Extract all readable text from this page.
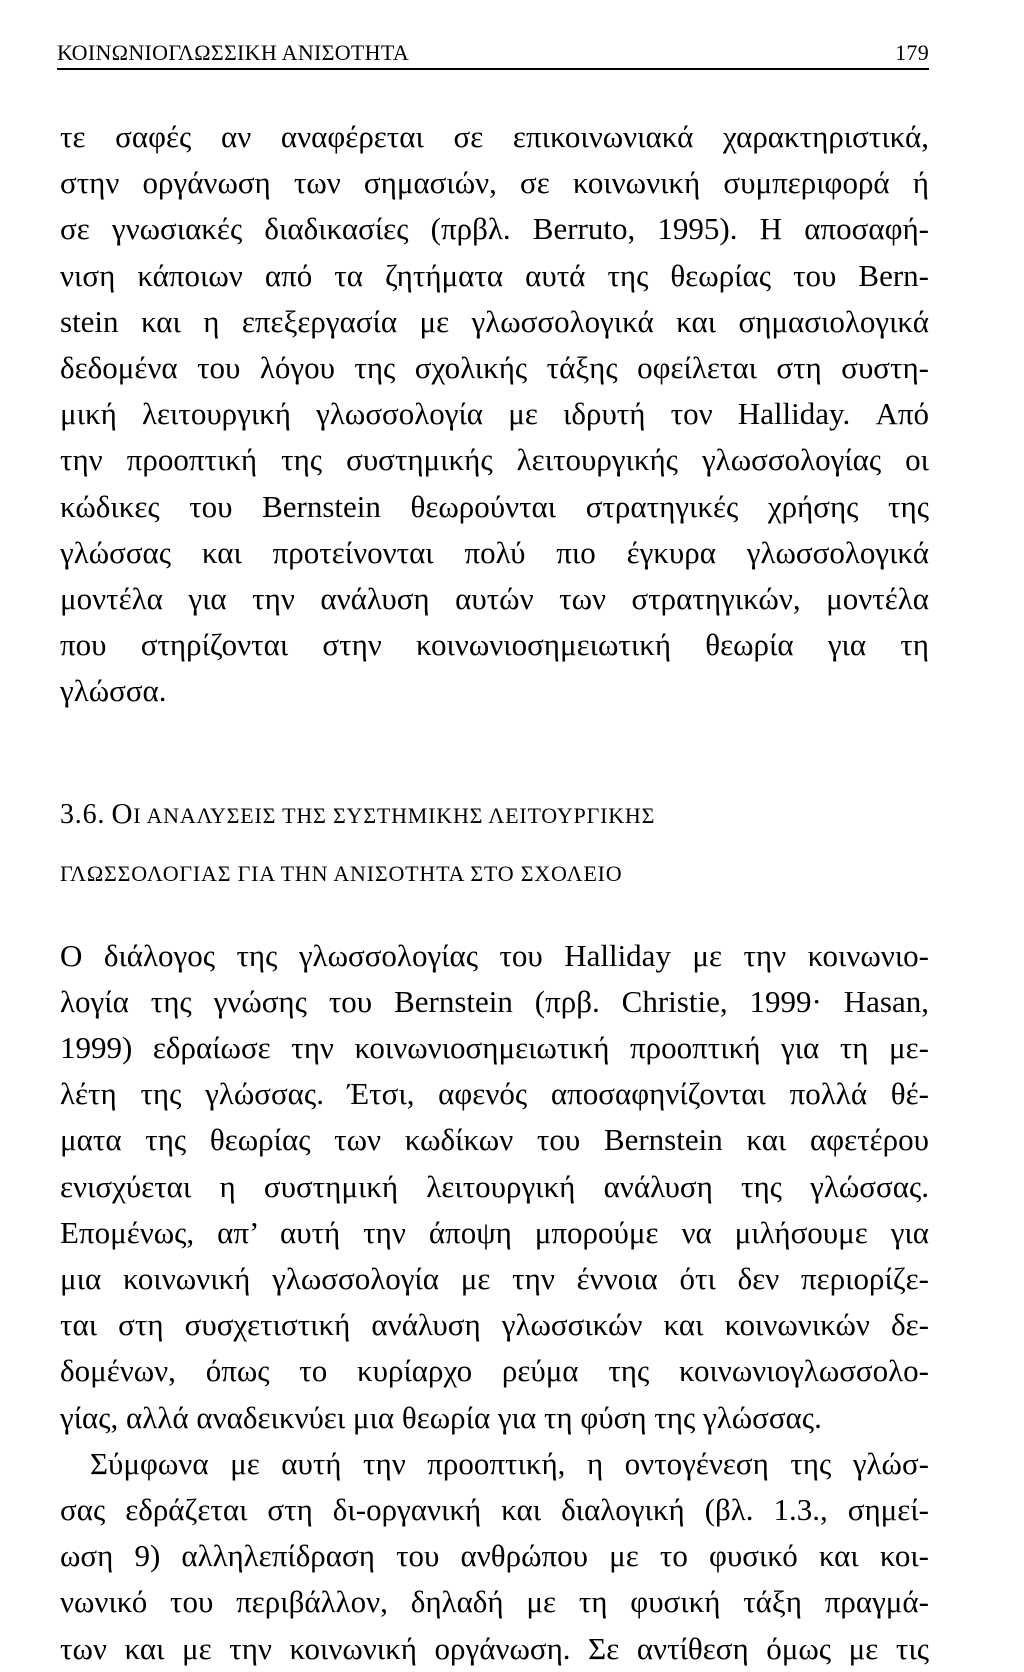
ΚΟΙΝΩΝΙΟΓΛΩΣΣΙΚΗ ΑΝΙΣΟΤΗΤΑ	179
τε σαφές αν αναφέρεται σε επικοινωνιακά χαρακτηριστικά,
στην οργάνωση των σημασιών, σε κοινωνική συμπεριφορά ή
σε γνωσιακές διαδικασίες (πρβλ. Berruto, 1995). Η αποσαφή-
νιση κάποιων από τα ζητήματα αυτά της θεωρίας του Bern-
stein και η επεξεργασία με γλωσσολογικά και σημασιολογικά
δεδομένα του λόγου της σχολικής τάξης οφείλεται στη συστη-
μική λειτουργική γλωσσολογία με ιδρυτή τον Halliday. Από
την προοπτική της συστημικής λειτουργικής γλωσσολογίας οι
κώδικες του Bernstein θεωρούνται στρατηγικές χρήσης της
γλώσσας και προτείνονται πολύ πιο έγκυρα γλωσσολογικά
μοντέλα για την ανάλυση αυτών των στρατηγικών, μοντέλα
που στηρίζονται στην κοινωνιοσημειωτική θεωρία για τη
γλώσσα.
3.6. ΟΙ ΑΝΑΛΥΣΕΙΣ ΤΗΣ ΣΥΣΤΗΜΙΚΗΣ ΛΕΙΤΟΥΡΓΙΚΗΣ
ΓΛΩΣΣΟΛΟΓΙΑΣ ΓΙΑ ΤΗΝ ΑΝΙΣΟΤΗΤΑ ΣΤΟ ΣΧΟΛΕΙΟ
Ο διάλογος της γλωσσολογίας του Halliday με την κοινωνιο-
λογία της γνώσης του Bernstein (πρβ. Christie, 1999· Hasan,
1999) εδραίωσε την κοινωνιοσημειωτική προοπτική για τη με-
λέτη της γλώσσας. Έτσι, αφενός αποσαφηνίζονται πολλά θέ-
ματα της θεωρίας των κωδίκων του Bernstein και αφετέρου
ενισχύεται η συστημική λειτουργική ανάλυση της γλώσσας.
Επομένως, απ’ αυτή την άποψη μπορούμε να μιλήσουμε για
μια κοινωνική γλωσσολογία με την έννοια ότι δεν περιορίζε-
ται στη συσχετιστική ανάλυση γλωσσικών και κοινωνικών δε-
δομένων, όπως το κυρίαρχο ρεύμα της κοινωνιογλωσσολο-
γίας, αλλά αναδεικνύει μια θεωρία για τη φύση της γλώσσας.
Σύμφωνα με αυτή την προοπτική, η οντογένεση της γλώσ-
σας εδράζεται στη δι-οργανική και διαλογική (βλ. 1.3., σημεί-
ωση 9) αλληλεπίδραση του ανθρώπου με το φυσικό και κοι-
νωνικό του περιβάλλον, δηλαδή με τη φυσική τάξη πραγμά-
των και με την κοινωνική οργάνωση. Σε αντίθεση όμως με τις
